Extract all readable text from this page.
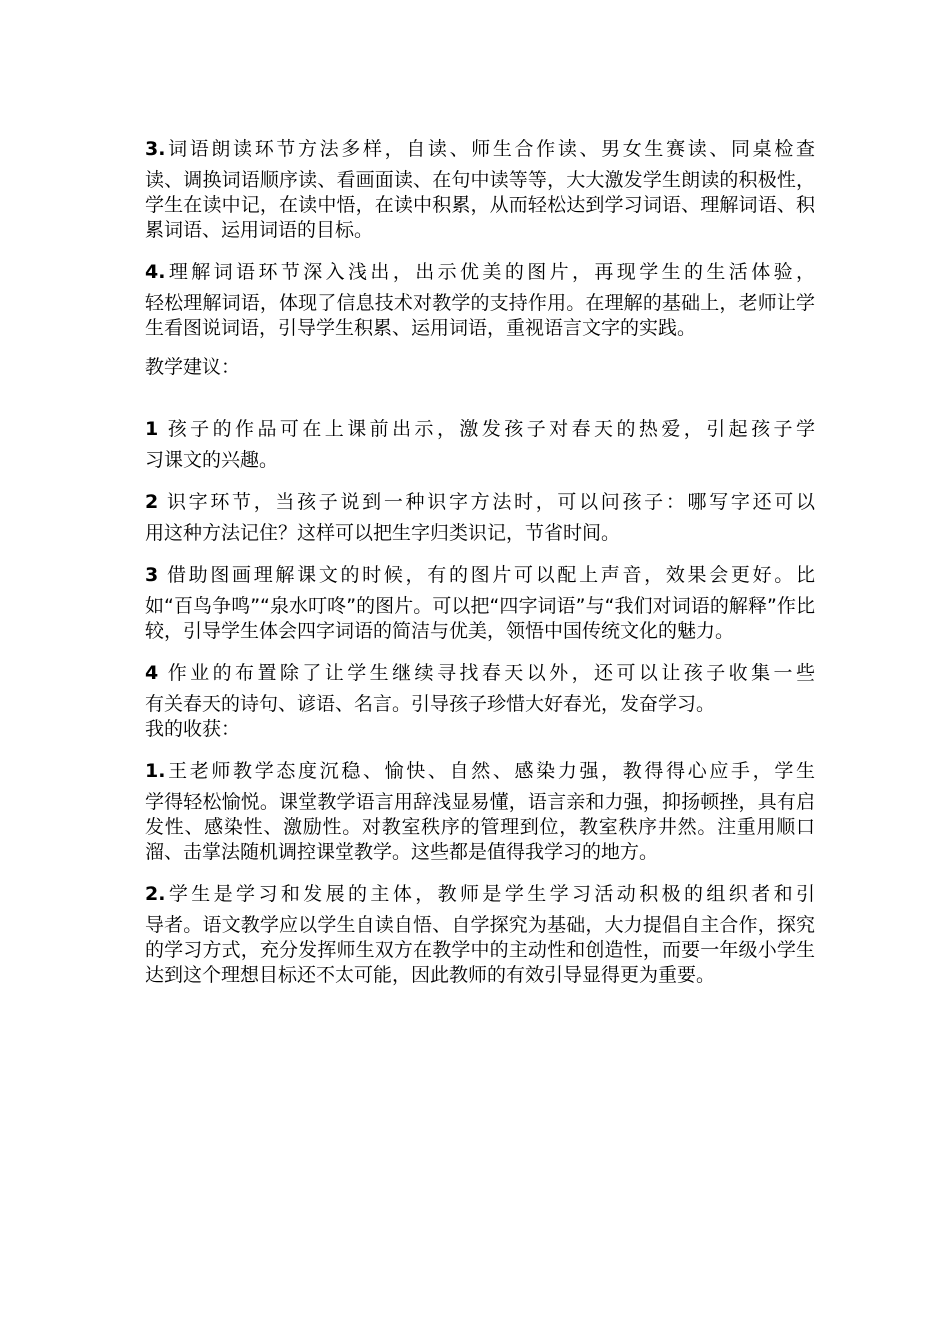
3.词语朗读环节方法多样，自读、师生合作读、男女生赛读、同桌检查
读、调换词语顺序读、看画面读、在句中读等等，大大激发学生朗读的积极性，学生在读中记，在读中悟，在读中积累，从而轻松达到学习词语、理解词语、积累词语、运用词语的目标。

4.理解词语环节深入浅出，出示优美的图片，再现学生的生活体验，
轻松理解词语，体现了信息技术对教学的支持作用。在理解的基础上，老师让学生看图说词语，引导学生积累、运用词语，重视语言文字的实践。

教学建议：

1 孩子的作品可在上课前出示，激发孩子对春天的热爱，引起孩子学
习课文的兴趣。

2 识字环节，当孩子说到一种识字方法时，可以问孩子：哪写字还可以
用这种方法记住？这样可以把生字归类识记，节省时间。

3 借助图画理解课文的时候，有的图片可以配上声音，效果会更好。比
如“百鸟争鸣”“泉水叮咚”的图片。可以把“四字词语”与“我们对词语的解释”作比较，引导学生体会四字词语的简洁与优美，领悟中国传统文化的魅力。

4 作业的布置除了让学生继续寻找春天以外，还可以让孩子收集一些
有关春天的诗句、谚语、名言。引导孩子珍惜大好春光，发奋学习。

我的收获：

1.王老师教学态度沉稳、愉快、自然、感染力强，教得得心应手，学生
学得轻松愉悦。课堂教学语言用辞浅显易懂，语言亲和力强，抑扬顿挫，具有启发性、感染性、激励性。对教室秩序的管理到位，教室秩序井然。注重用顺口溜、击掌法随机调控课堂教学。这些都是值得我学习的地方。

2.学生是学习和发展的主体，教师是学生学习活动积极的组织者和引
导者。语文教学应以学生自读自悟、自学探究为基础，大力提倡自主合作，探究的学习方式，充分发挥师生双方在教学中的主动性和创造性，而要一年级小学生达到这个理想目标还不太可能，因此教师的有效引导显得更为重要。
